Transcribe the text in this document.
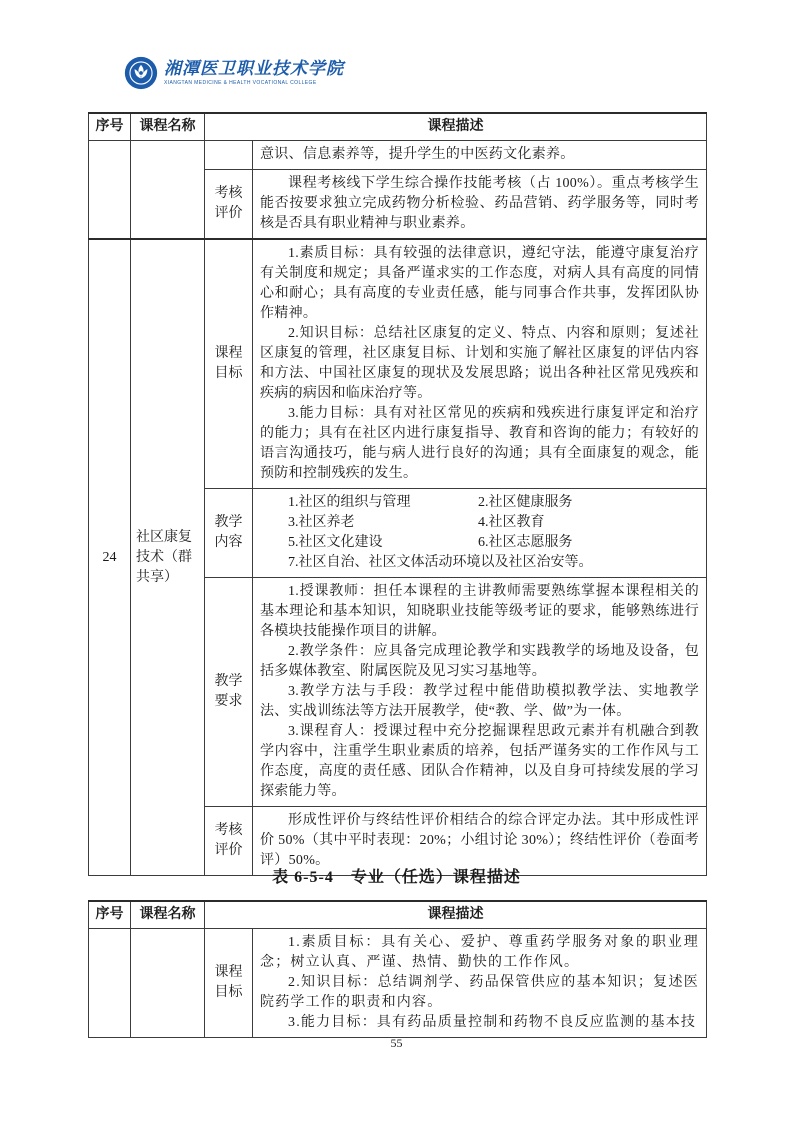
湘潭医卫职业技术学院
XIANGTAN MEDICINE & HEALTH VOCATIONAL COLLEGE
序号	课程名称	课程描述	

			意识、信息素养等，提升学生的中医药文化素养。

		考核评价	课程考核线下学生综合操作技能考核（占 100%）。重点考核学生能否按要求独立完成药物分析检验、药品营销、药学服务等，同时考核是否具有职业精神与职业素养。

24	社区康复技术（群共享）	课程目标	1.素质目标：具有较强的法律意识，遵纪守法，能遵守康复治疗有关制度和规定；具备严谨求实的工作态度，对病人具有高度的同情心和耐心；具有高度的专业责任感，能与同事合作共事，发挥团队协作精神。

2.知识目标：总结社区康复的定义、特点、内容和原则；复述社区康复的管理，社区康复目标、计划和实施了解社区康复的评估内容和方法、中国社区康复的现状及发展思路；说出各种社区常见残疾和疾病的病因和临床治疗等。

3.能力目标：具有对社区常见的疾病和残疾进行康复评定和治疗的能力；具有在社区内进行康复指导、教育和咨询的能力；有较好的语言沟通技巧，能与病人进行良好的沟通；具有全面康复的观念，能预防和控制残疾的发生。

		教学内容	1.社区的组织与管理 2.社区健康服务
3.社区养老 4.社区教育
5.社区文化建设 6.社区志愿服务
7.社区自治、社区文体活动环境以及社区治安等。

		教学要求	1.授课教师：担任本课程的主讲教师需要熟练掌握本课程相关的基本理论和基本知识，知晓职业技能等级考证的要求，能够熟练进行各模块技能操作项目的讲解。

2.教学条件：应具备完成理论教学和实践教学的场地及设备，包括多媒体教室、附属医院及见习实习基地等。

3.教学方法与手段：教学过程中能借助模拟教学法、实地教学法、实战训练法等方法开展教学，使“教、学、做”为一体。

3.课程育人：授课过程中充分挖掘课程思政元素并有机融合到教学内容中，注重学生职业素质的培养，包括严谨务实的工作作风与工作态度，高度的责任感、团队合作精神，以及自身可持续发展的学习探索能力等。

		考核评价	形成性评价与终结性评价相结合的综合评定办法。其中形成性评价 50%（其中平时表现：20%；小组讨论 30%）；终结性评价（卷面考评）50%。

表 6-5-4　专业（任选）课程描述
序号	课程名称	课程描述	
		课程目标	1.素质目标：具有关心、爱护、尊重药学服务对象的职业理念；树立认真、严谨、热情、勤快的工作作风。

2.知识目标：总结调剂学、药品保管供应的基本知识；复述医院药学工作的职责和内容。

3.能力目标：具有药品质量控制和药物不良反应监测的基本技

55
